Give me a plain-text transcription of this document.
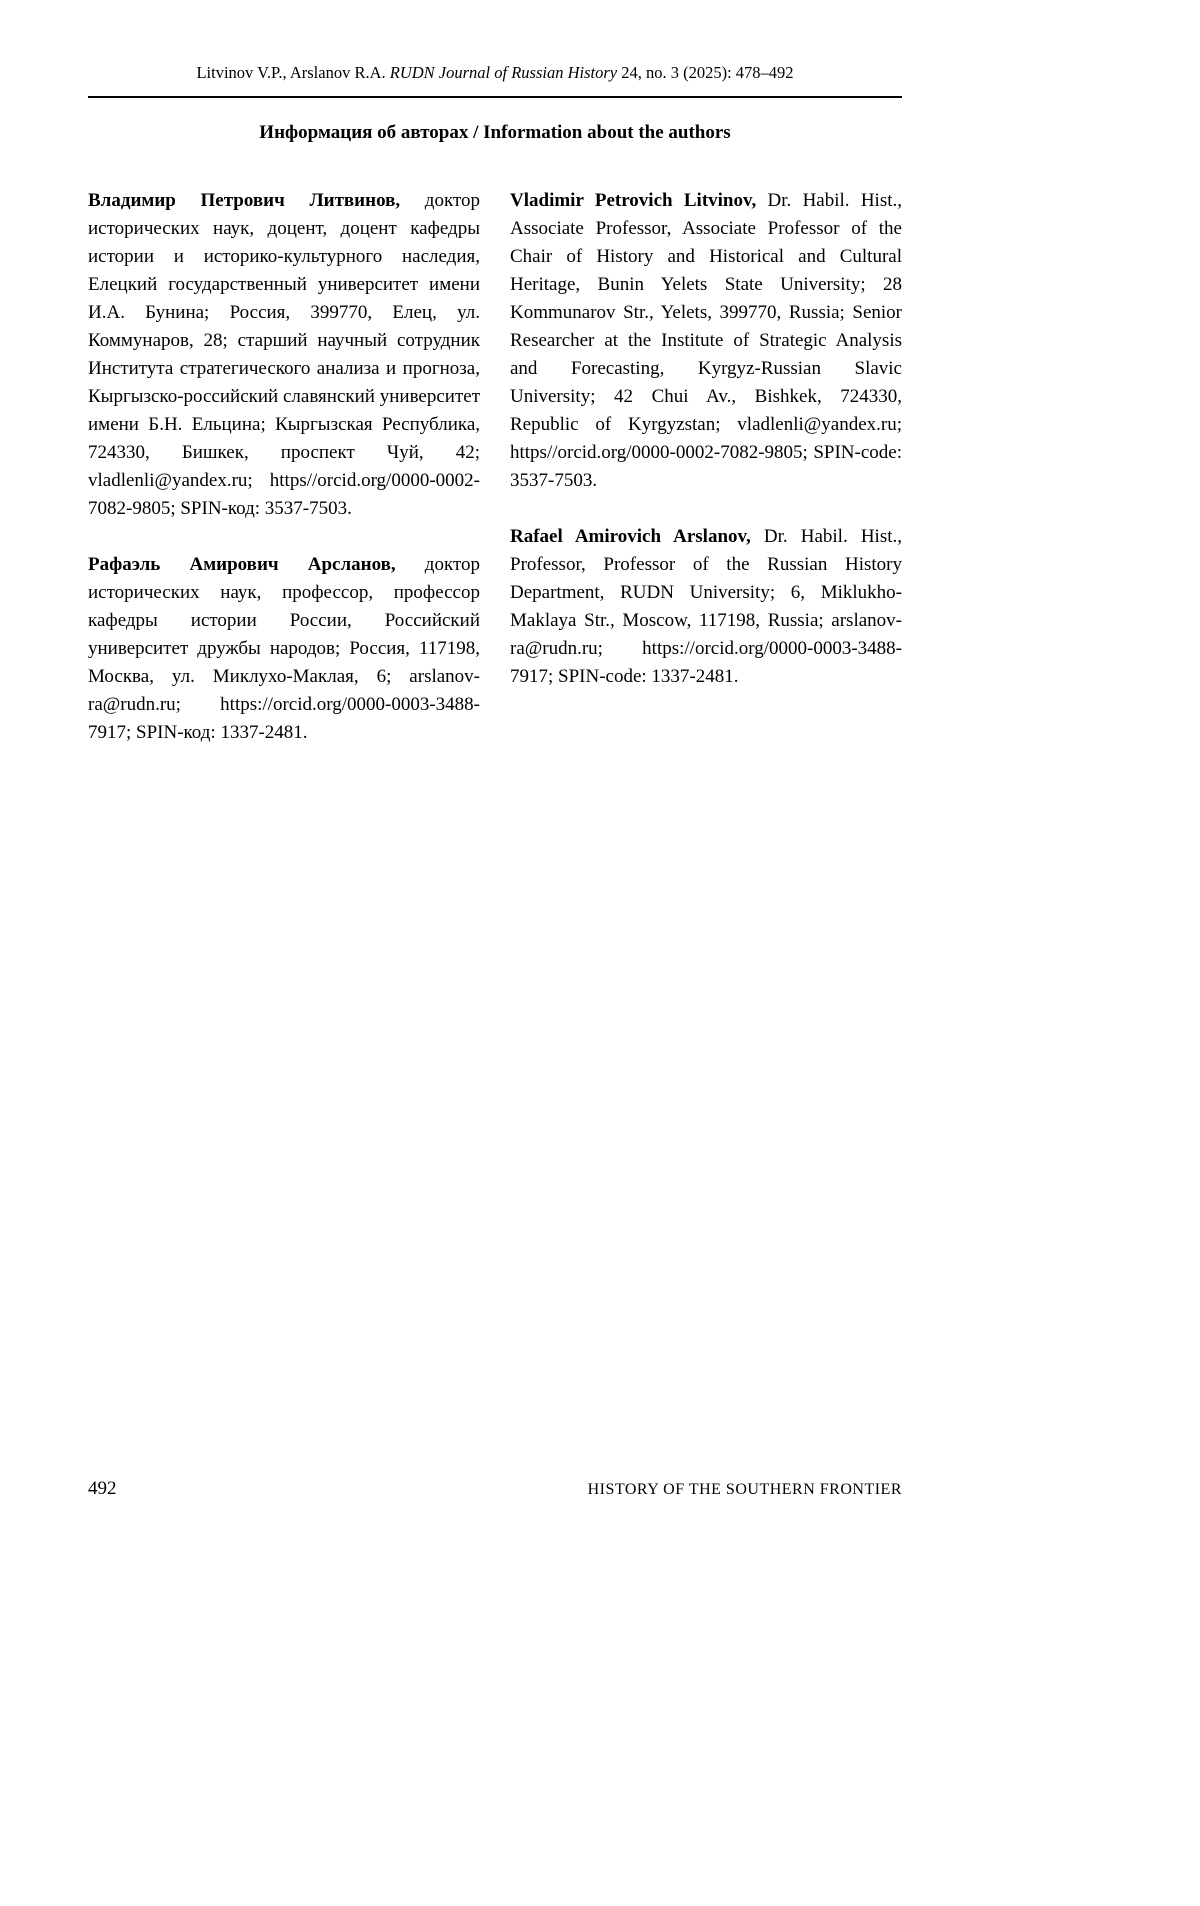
Litvinov V.P., Arslanov R.A. RUDN Journal of Russian History 24, no. 3 (2025): 478–492
Информация об авторах / Information about the authors

Владимир Петрович Литвинов, доктор исторических наук, доцент, доцент кафедры истории и историко-культурного наследия, Елецкий государственный университет имени И.А. Бунина; Россия, 399770, Елец, ул. Коммунаров, 28; старший научный сотрудник Института стратегического анализа и прогноза, Кыргызско-российский славянский университет имени Б.Н. Ельцина; Кыргызская Республика, 724330, Бишкек, проспект Чуй, 42; vladlenli@yandex.ru; https//orcid.org/0000-0002-7082-9805; SPIN-код: 3537-7503.

Рафаэль Амирович Арсланов, доктор исторических наук, профессор, профессор кафедры истории России, Российский университет дружбы народов; Россия, 117198, Москва, ул. Миклухо-Маклая, 6; arslanov-ra@rudn.ru; https://orcid.org/0000-0003-3488-7917; SPIN-код: 1337-2481.

Vladimir Petrovich Litvinov, Dr. Habil. Hist., Associate Professor, Associate Professor of the Chair of History and Historical and Cultural Heritage, Bunin Yelets State University; 28 Kommunarov Str., Yelets, 399770, Russia; Senior Researcher at the Institute of Strategic Analysis and Forecasting, Kyrgyz-Russian Slavic University; 42 Chui Av., Bishkek, 724330, Republic of Kyrgyzstan; vladlenli@yandex.ru; https//orcid.org/0000-0002-7082-9805; SPIN-code: 3537-7503.

Rafael Amirovich Arslanov, Dr. Habil. Hist., Professor, Professor of the Russian History Department, RUDN University; 6, Miklukho-Maklaya Str., Moscow, 117198, Russia; arslanov-ra@rudn.ru; https://orcid.org/0000-0003-3488-7917; SPIN-code: 1337-2481.

492	HISTORY OF THE SOUTHERN FRONTIER
